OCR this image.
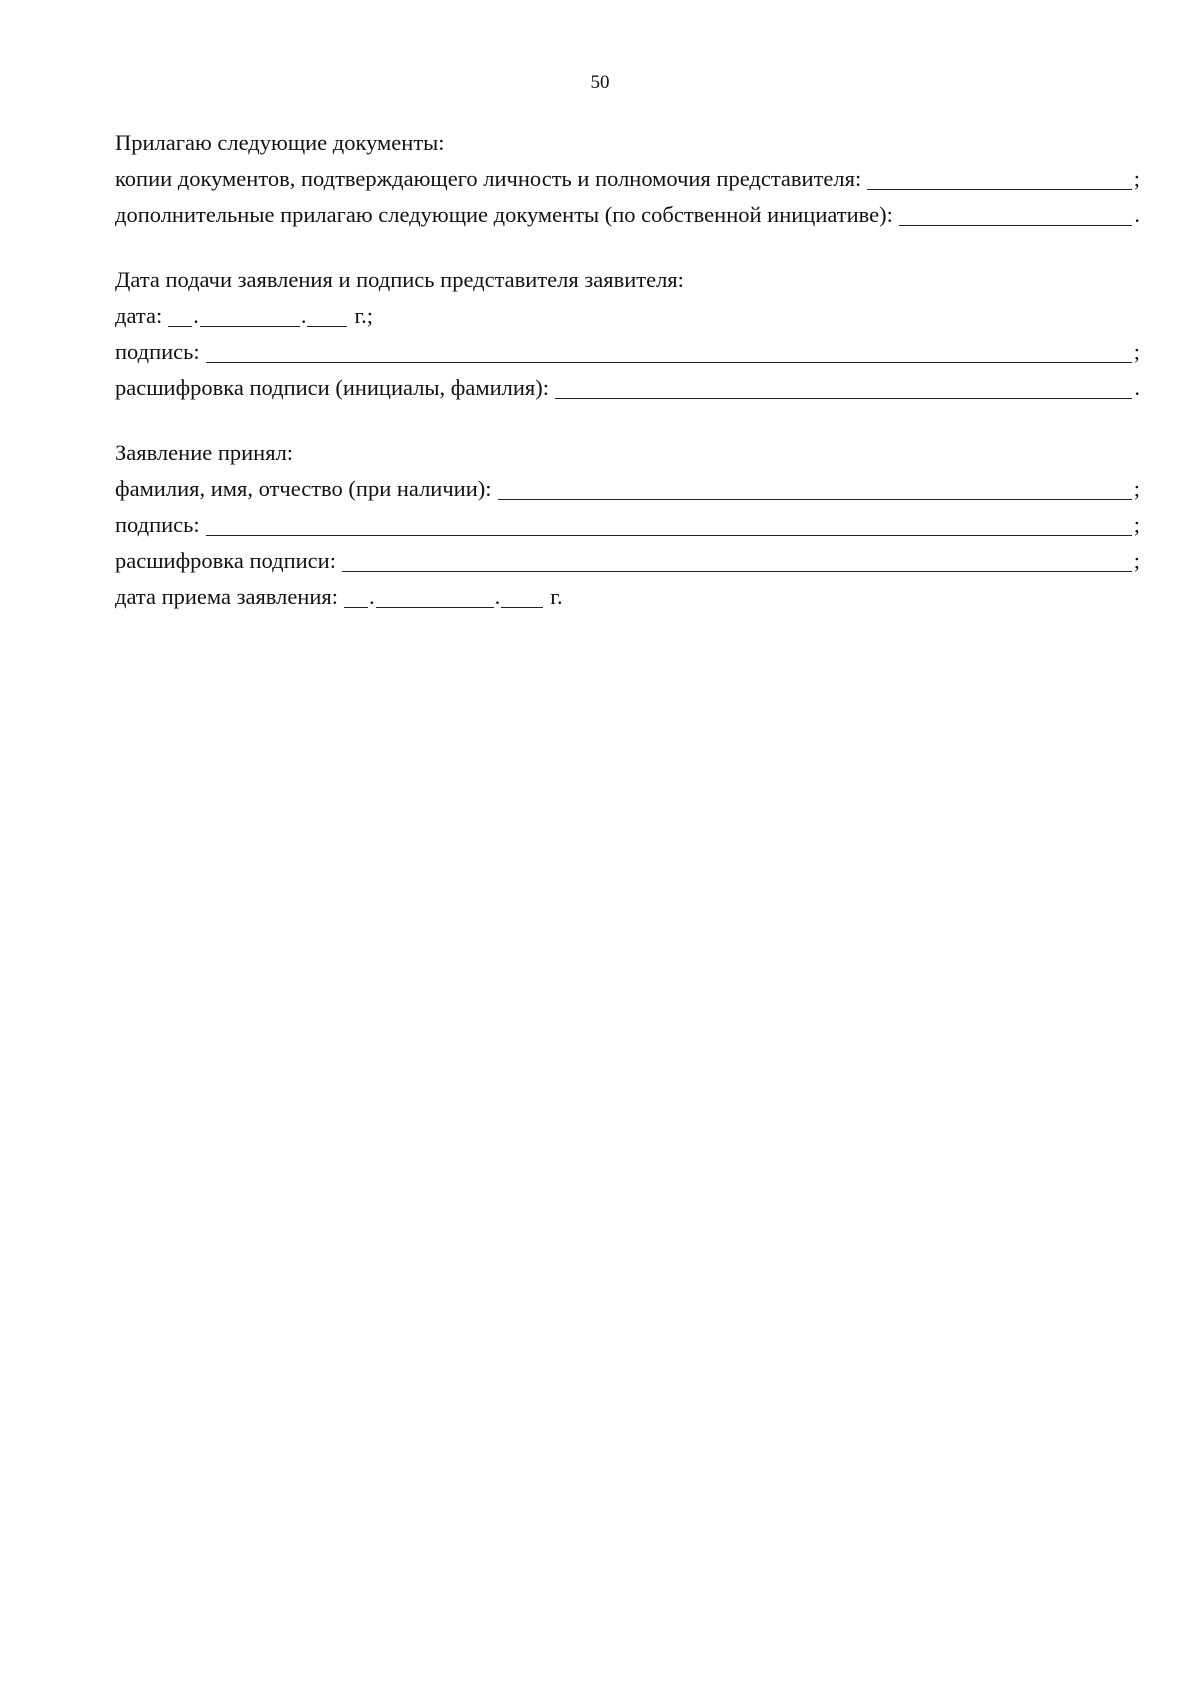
50
Прилагаю следующие документы:
копии документов, подтверждающего личность и полномочия представителя:	;
дополнительные прилагаю следующие документы (по собственной инициативе):	.
Дата подачи заявления и подпись представителя заявителя:
дата: .	.	г.;
подпись:	;
расшифровка подписи (инициалы, фамилия):	.
Заявление принял:
фамилия, имя, отчество (при наличии):	;
подпись:	;
расшифровка подписи:	;
дата приема заявления: .	.	г.
